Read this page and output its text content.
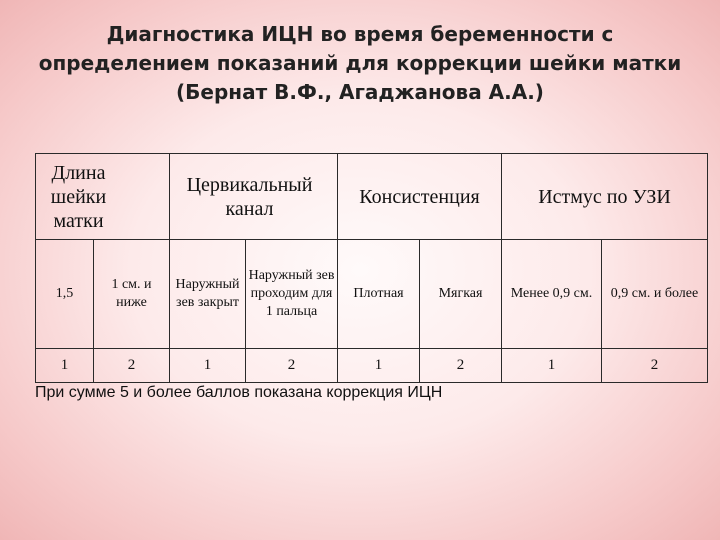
Диагностика ИЦН во время беременности с
определением показаний для коррекции шейки матки
(Бернат В.Ф., Агаджанова А.А.)
Длина шейки матки		Цервикальный канал		Консистенция		Истмус по УЗИ	
1,5	1 см. и ниже	Наружный зев закрыт	Наружный зев проходим для 1 пальца	Плотная	Мягкая	Менее 0,9 см.	0,9 см. и более
1	2	1	2	1	2	1	2
При сумме 5 и более баллов показана коррекция ИЦН
